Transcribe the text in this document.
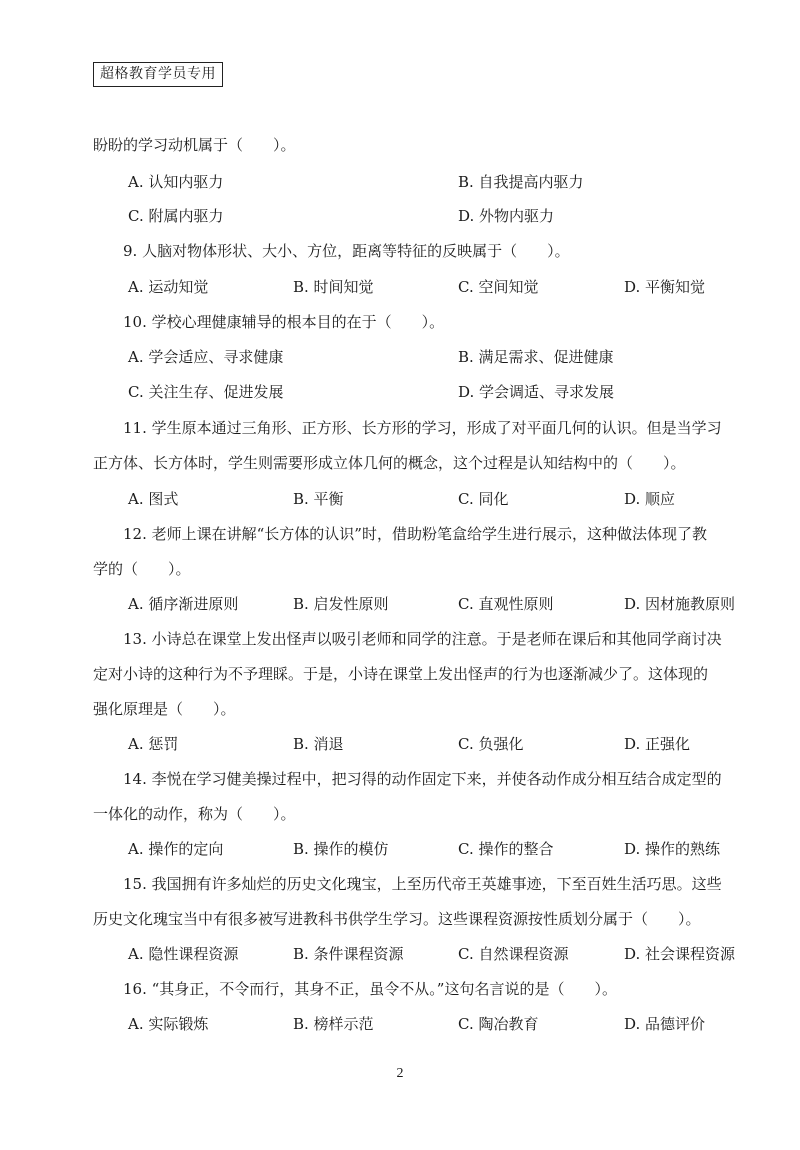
超格教育学员专用
盼盼的学习动机属于（　　）。
A. 认知内驱力	B. 自我提高内驱力
C. 附属内驱力	D. 外物内驱力
9. 人脑对物体形状、大小、方位，距离等特征的反映属于（　　）。
A. 运动知觉	B. 时间知觉	C. 空间知觉	D. 平衡知觉
10. 学校心理健康辅导的根本目的在于（　　）。
A. 学会适应、寻求健康	B. 满足需求、促进健康
C. 关注生存、促进发展	D. 学会调适、寻求发展
11. 学生原本通过三角形、正方形、长方形的学习，形成了对平面几何的认识。但是当学习
正方体、长方体时，学生则需要形成立体几何的概念，这个过程是认知结构中的（　　）。
A. 图式	B. 平衡	C. 同化	D. 顺应
12. 老师上课在讲解“长方体的认识”时，借助粉笔盒给学生进行展示，这种做法体现了教
学的（　　）。
A. 循序渐进原则	B. 启发性原则	C. 直观性原则	D. 因材施教原则
13. 小诗总在课堂上发出怪声以吸引老师和同学的注意。于是老师在课后和其他同学商讨决
定对小诗的这种行为不予理睬。于是，小诗在课堂上发出怪声的行为也逐渐减少了。这体现的
强化原理是（　　）。
A. 惩罚	B. 消退	C. 负强化	D. 正强化
14. 李悦在学习健美操过程中，把习得的动作固定下来，并使各动作成分相互结合成定型的
一体化的动作，称为（　　）。
A. 操作的定向	B. 操作的模仿	C. 操作的整合	D. 操作的熟练
15. 我国拥有许多灿烂的历史文化瑰宝，上至历代帝王英雄事迹，下至百姓生活巧思。这些
历史文化瑰宝当中有很多被写进教科书供学生学习。这些课程资源按性质划分属于（　　）。
A. 隐性课程资源	B. 条件课程资源	C. 自然课程资源	D. 社会课程资源
16. “其身正，不令而行，其身不正，虽令不从。”这句名言说的是（　　）。
A. 实际锻炼	B. 榜样示范	C. 陶冶教育	D. 品德评价
2
